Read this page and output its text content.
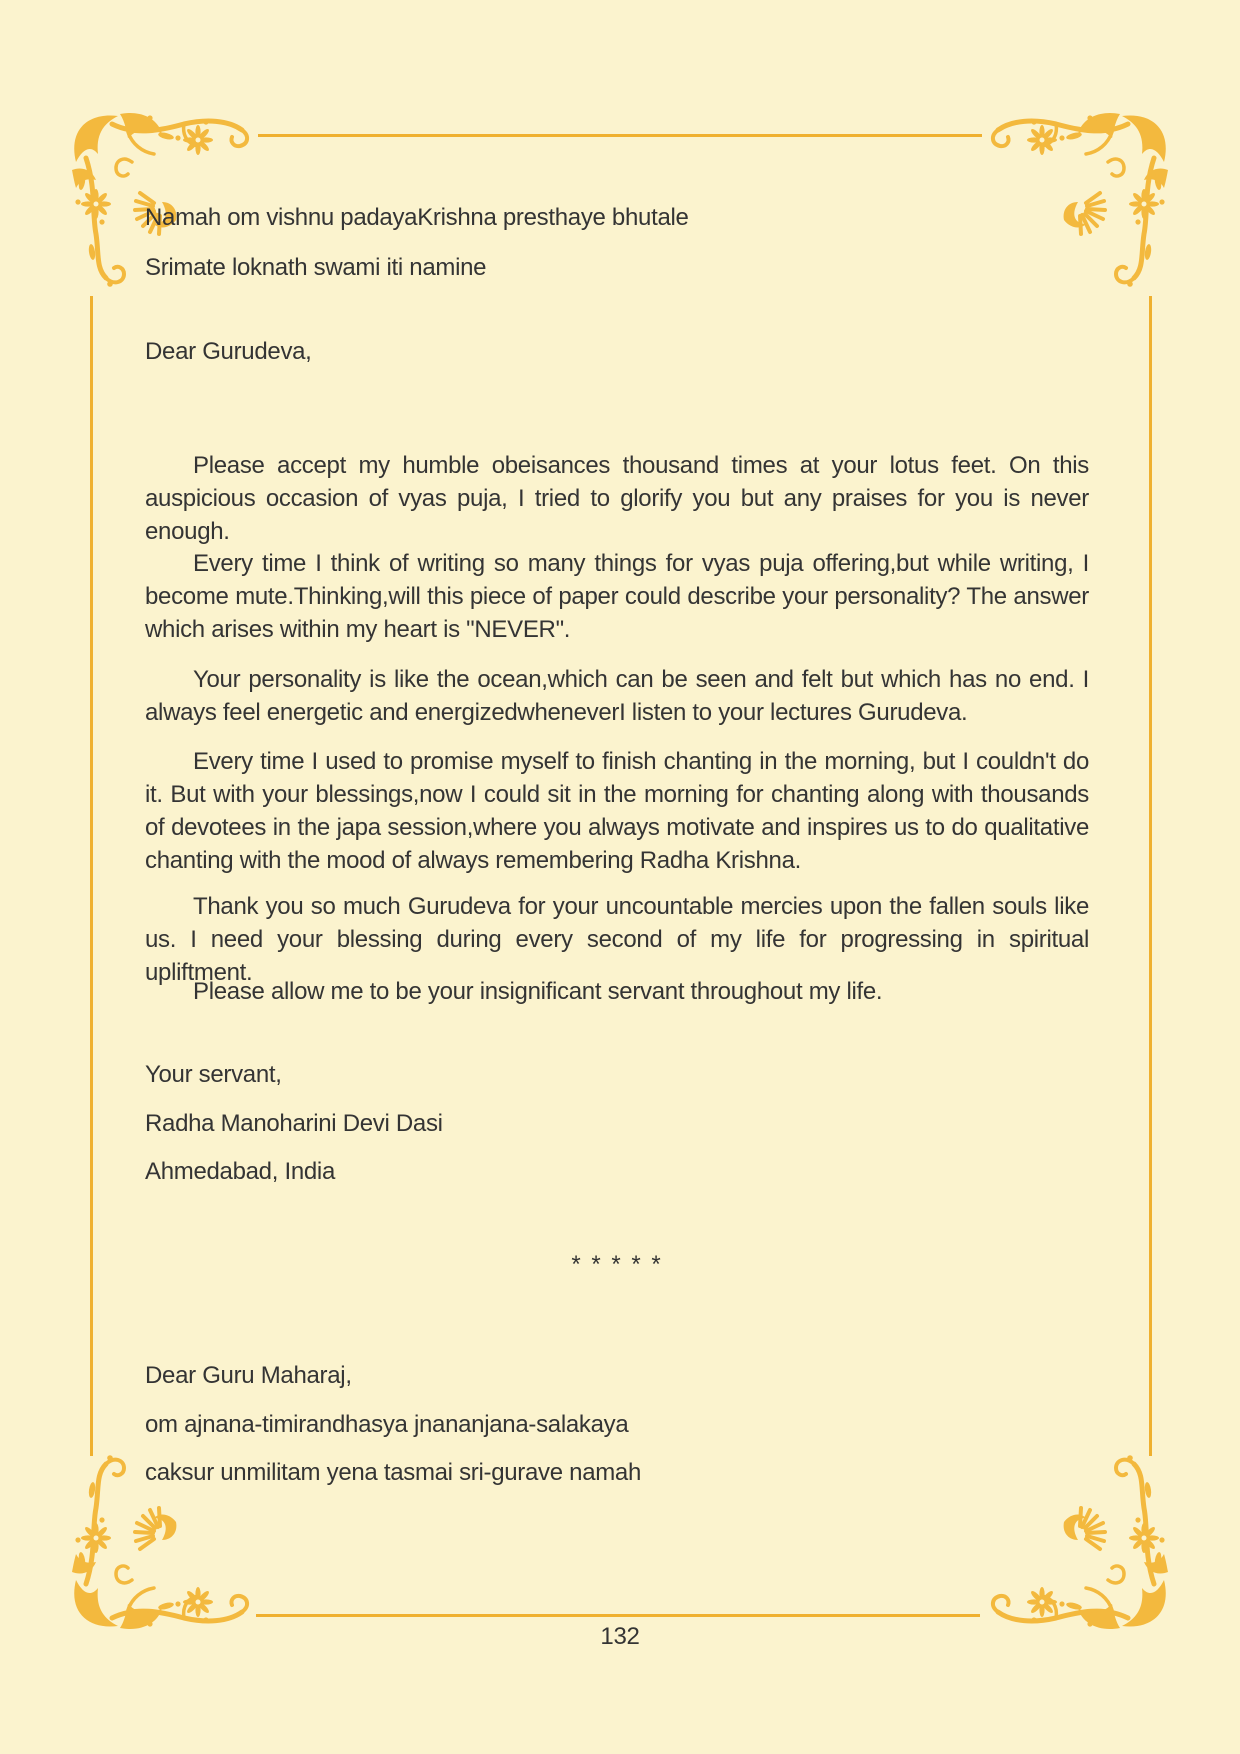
Namah om vishnu padayaKrishna presthaye bhutale
Srimate loknath swami iti namine
Dear Gurudeva,
Please accept my humble obeisances thousand times at your lotus feet. On this auspicious occasion of vyas puja, I tried to glorify you but any praises for you is never enough.
Every time I think of writing so many things for vyas puja offering,but while writing, I become mute.Thinking,will this piece of paper could describe your personality? The answer which arises within my heart is "NEVER".
Your personality is like the ocean,which can be seen and felt but which has no end. I always feel energetic and energizedwheneverI listen to your lectures Gurudeva.
Every time I used to promise myself to finish chanting in the morning, but I couldn't do it. But with your blessings,now I could sit in the morning for chanting along with thousands of devotees in the japa session,where you always motivate and inspires us to do qualitative chanting with the mood of always remembering Radha Krishna.
Thank you so much Gurudeva for your uncountable mercies upon the fallen souls like us. I need your blessing during every second of my life for progressing in spiritual upliftment.
Please allow me to be your insignificant servant throughout my life.
Your servant,
Radha Manoharini Devi Dasi
Ahmedabad, India
* * * * *
Dear Guru Maharaj,
om ajnana-timirandhasya jnananjana-salakaya
caksur unmilitam yena tasmai sri-gurave namah
132
